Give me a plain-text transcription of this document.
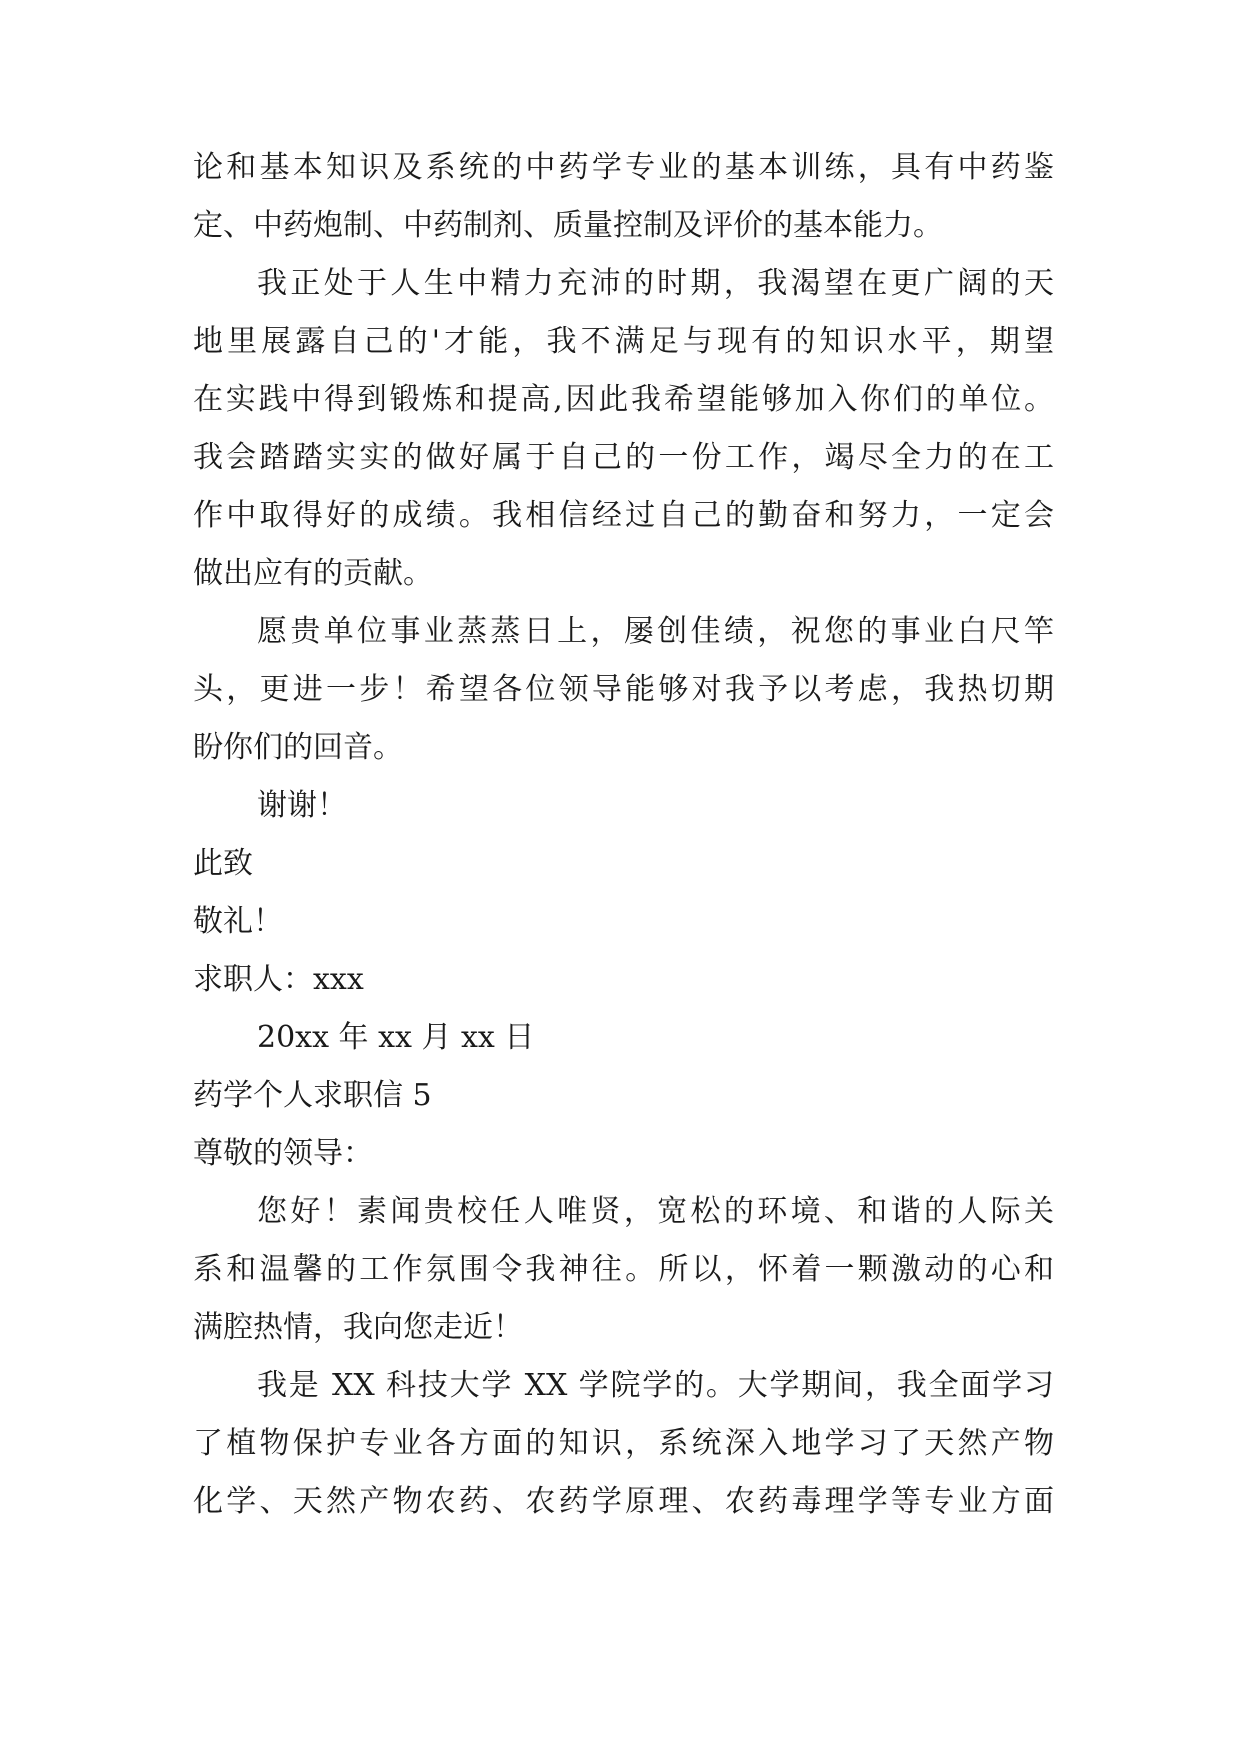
论和基本知识及系统的中药学专业的基本训练，具有中药鉴
定、中药炮制、中药制剂、质量控制及评价的基本能力。
我正处于人生中精力充沛的时期，我渴望在更广阔的天
地里展露自己的'才能，我不满足与现有的知识水平，期望
在实践中得到锻炼和提高,因此我希望能够加入你们的单位。
我会踏踏实实的做好属于自己的一份工作，竭尽全力的在工
作中取得好的成绩。我相信经过自己的勤奋和努力，一定会
做出应有的贡献。
愿贵单位事业蒸蒸日上，屡创佳绩，祝您的事业白尺竿
头，更进一步！希望各位领导能够对我予以考虑，我热切期
盼你们的回音。
谢谢！
此致
敬礼！
求职人：xxx
20xx 年 xx 月 xx 日
药学个人求职信 5
尊敬的领导：
您好！素闻贵校任人唯贤，宽松的环境、和谐的人际关
系和温馨的工作氛围令我神往。所以，怀着一颗激动的心和
满腔热情，我向您走近！
我是 XX 科技大学 XX 学院学的。大学期间，我全面学习
了植物保护专业各方面的知识，系统深入地学习了天然产物
化学、天然产物农药、农药学原理、农药毒理学等专业方面
